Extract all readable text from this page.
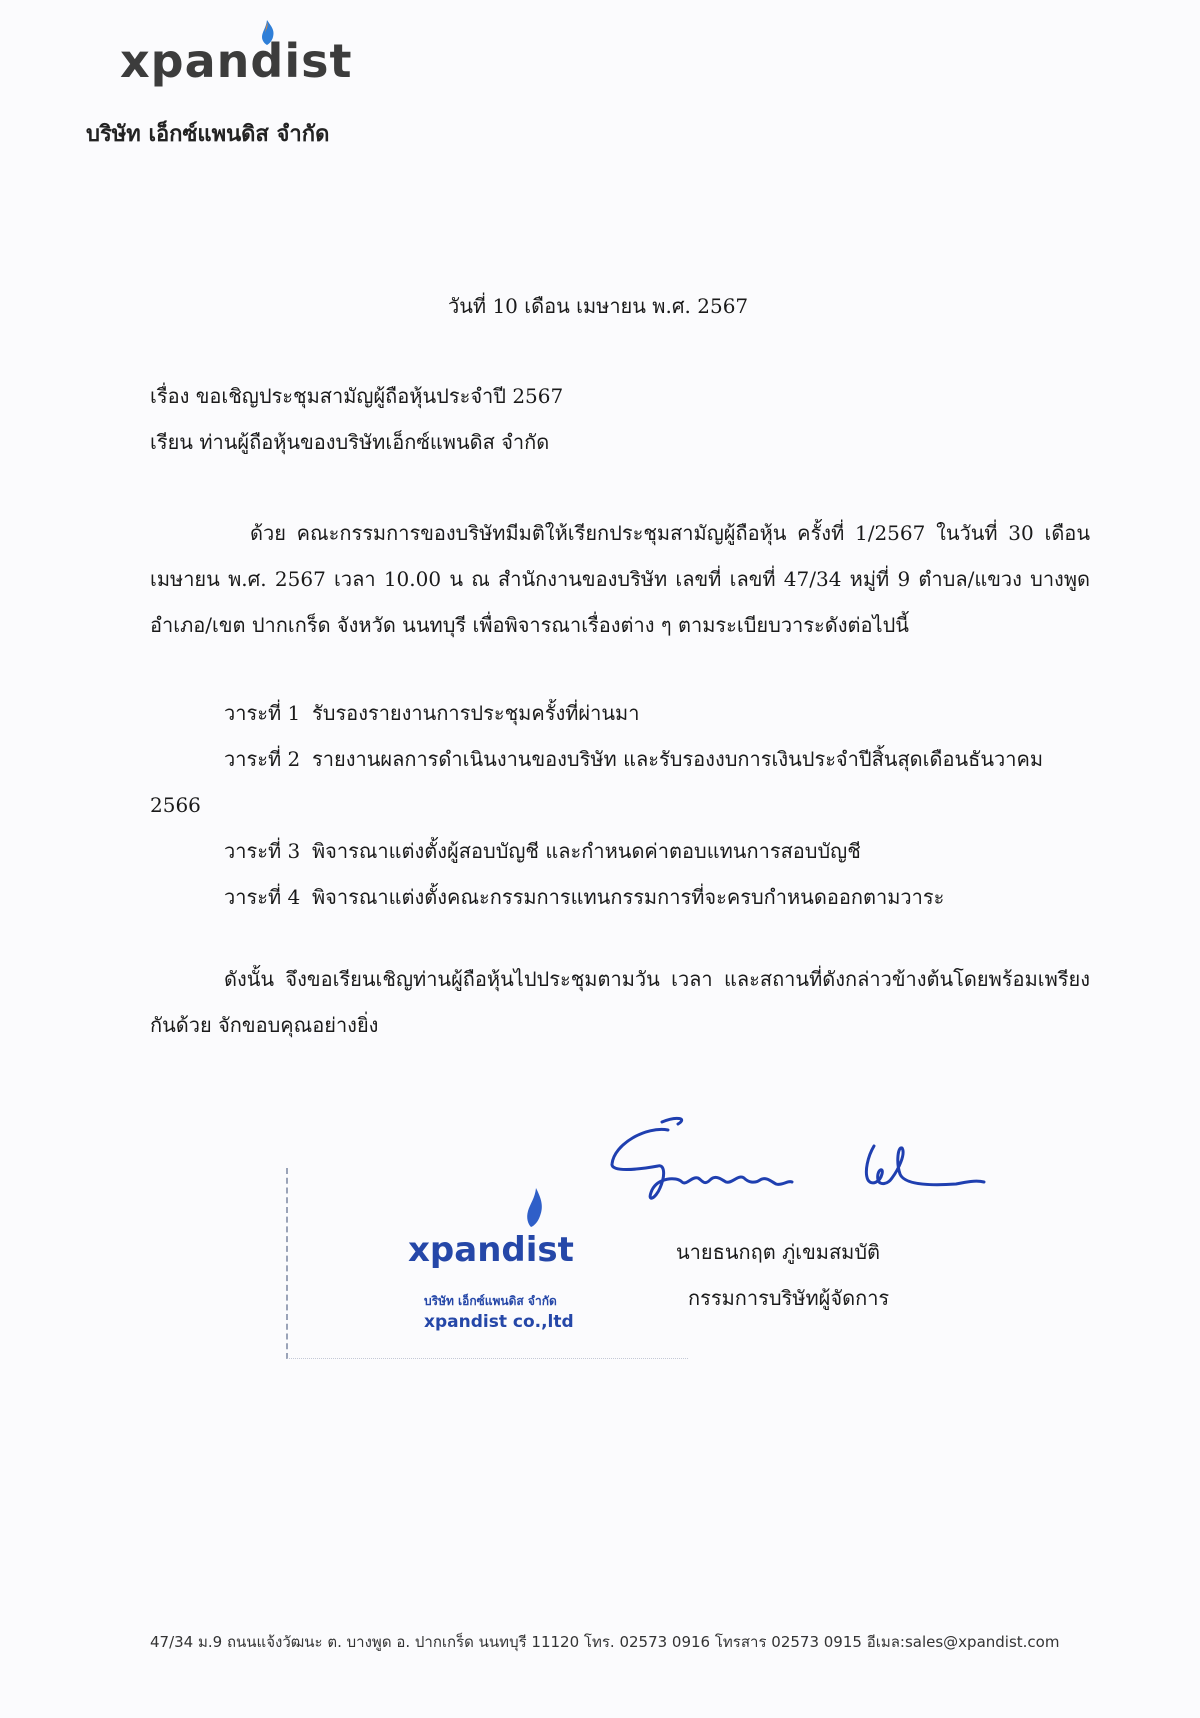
xpandist
บริษัท เอ็กซ์แพนดิส จำกัด
วันที่ 10 เดือน เมษายน พ.ศ. 2567
เรื่อง ขอเชิญประชุมสามัญผู้ถือหุ้นประจำปี 2567
เรียน ท่านผู้ถือหุ้นของบริษัทเอ็กซ์แพนดิส จำกัด
ด้วย คณะกรรมการของบริษัทมีมติให้เรียกประชุมสามัญผู้ถือหุ้น ครั้งที่ 1/2567 ในวันที่ 30 เดือน เมษายน พ.ศ. 2567 เวลา 10.00 น ณ สำนักงานของบริษัท เลขที่ เลขที่ 47/34 หมู่ที่ 9 ตำบล/แขวง บางพูด อำเภอ/เขต ปากเกร็ด จังหวัด นนทบุรี เพื่อพิจารณาเรื่องต่าง ๆ ตามระเบียบวาระดังต่อไปนี้
วาระที่ 1 รับรองรายงานการประชุมครั้งที่ผ่านมา
วาระที่ 2 รายงานผลการดำเนินงานของบริษัท และรับรองงบการเงินประจำปีสิ้นสุดเดือนธันวาคม
2566
วาระที่ 3 พิจารณาแต่งตั้งผู้สอบบัญชี และกำหนดค่าตอบแทนการสอบบัญชี
วาระที่ 4 พิจารณาแต่งตั้งคณะกรรมการแทนกรรมการที่จะครบกำหนดออกตามวาระ
ดังนั้น จึงขอเรียนเชิญท่านผู้ถือหุ้นไปประชุมตามวัน เวลา และสถานที่ดังกล่าวข้างต้นโดยพร้อมเพรียงกันด้วย จักขอบคุณอย่างยิ่ง
xpandist
บริษัท เอ็กซ์แพนดิส จำกัด
xpandist co.,ltd
นายธนกฤต ภู่เขมสมบัติ
กรรมการบริษัทผู้จัดการ
47/34 ม.9 ถนนแจ้งวัฒนะ ต. บางพูด อ. ปากเกร็ด นนทบุรี 11120 โทร. 02573 0916 โทรสาร 02573 0915 อีเมล:sales@xpandist.com
